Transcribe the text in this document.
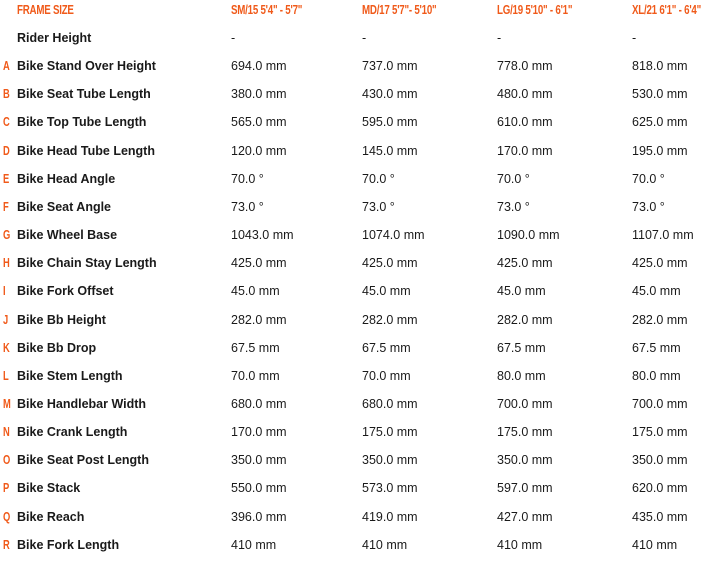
FRAME SIZE	SM/15 5'4" - 5'7"	MD/17 5'7"- 5'10"	LG/19 5'10" - 6'1"	XL/21 6'1" - 6'4"
Rider Height	-	-	-	-
A Bike Stand Over Height	694.0 mm	737.0 mm	778.0 mm	818.0 mm
B Bike Seat Tube Length	380.0 mm	430.0 mm	480.0 mm	530.0 mm
C Bike Top Tube Length	565.0 mm	595.0 mm	610.0 mm	625.0 mm
D Bike Head Tube Length	120.0 mm	145.0 mm	170.0 mm	195.0 mm
E Bike Head Angle	70.0 °	70.0 °	70.0 °	70.0 °
F Bike Seat Angle	73.0 °	73.0 °	73.0 °	73.0 °
G Bike Wheel Base	1043.0 mm	1074.0 mm	1090.0 mm	1107.0 mm
H Bike Chain Stay Length	425.0 mm	425.0 mm	425.0 mm	425.0 mm
I Bike Fork Offset	45.0 mm	45.0 mm	45.0 mm	45.0 mm
J Bike Bb Height	282.0 mm	282.0 mm	282.0 mm	282.0 mm
K Bike Bb Drop	67.5 mm	67.5 mm	67.5 mm	67.5 mm
L Bike Stem Length	70.0 mm	70.0 mm	80.0 mm	80.0 mm
M Bike Handlebar Width	680.0 mm	680.0 mm	700.0 mm	700.0 mm
N Bike Crank Length	170.0 mm	175.0 mm	175.0 mm	175.0 mm
O Bike Seat Post Length	350.0 mm	350.0 mm	350.0 mm	350.0 mm
P Bike Stack	550.0 mm	573.0 mm	597.0 mm	620.0 mm
Q Bike Reach	396.0 mm	419.0 mm	427.0 mm	435.0 mm
R Bike Fork Length	410 mm	410 mm	410 mm	410 mm
